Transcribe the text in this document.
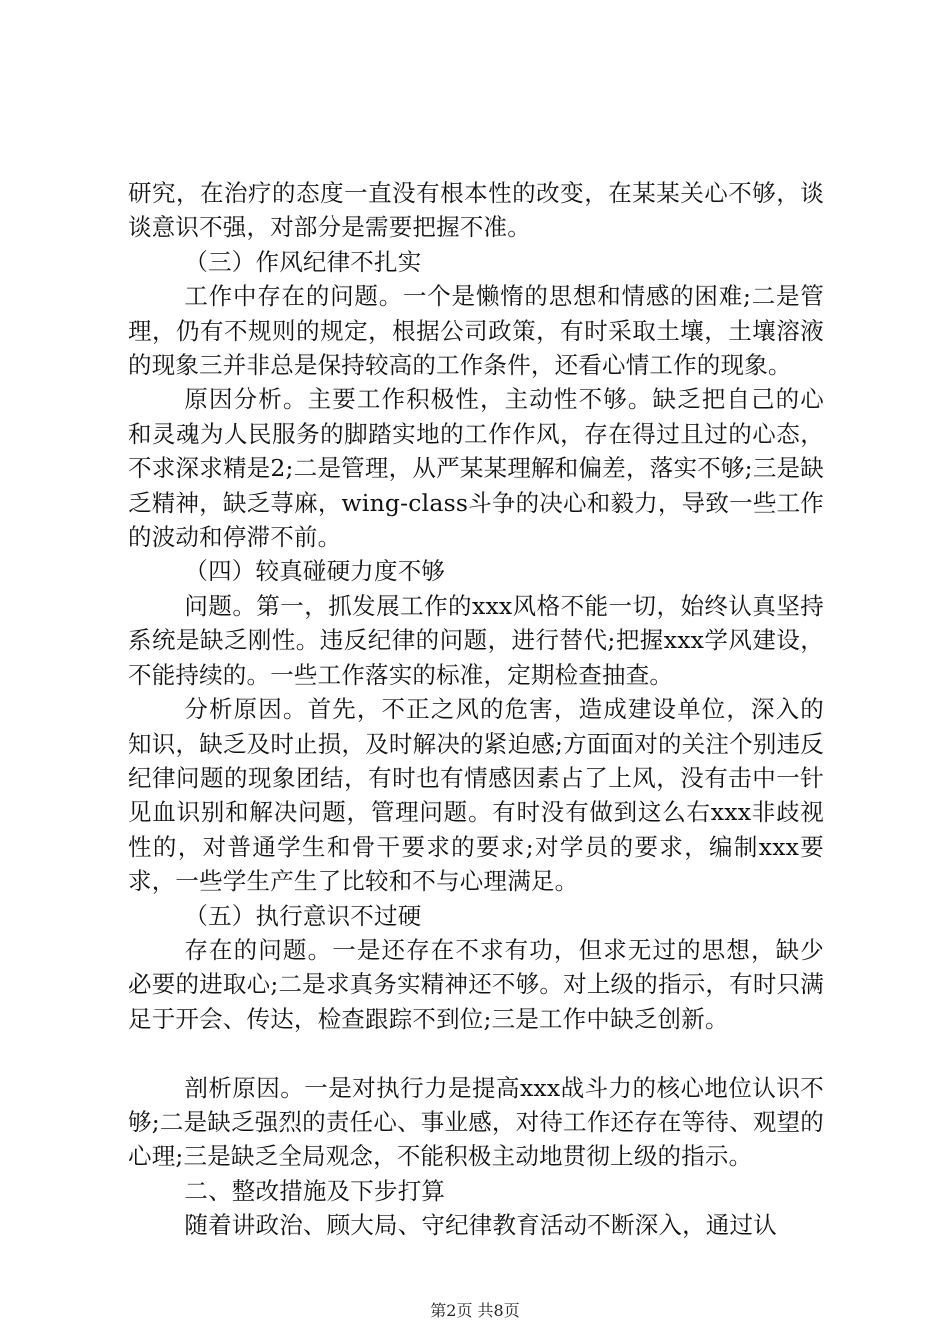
研究，在治疗的态度一直没有根本性的改变，在某某关心不够，谈谈意识不强，对部分是需要把握不准。

（三）作风纪律不扎实

工作中存在的问题。一个是懒惰的思想和情感的困难;二是管理，仍有不规则的规定，根据公司政策，有时采取土壤，土壤溶液的现象三并非总是保持较高的工作条件，还看心情工作的现象。

原因分析。主要工作积极性，主动性不够。缺乏把自己的心和灵魂为人民服务的脚踏实地的工作作风，存在得过且过的心态，不求深求精是2;二是管理，从严某某理解和偏差，落实不够;三是缺乏精神，缺乏荨麻，wing-class斗争的决心和毅力，导致一些工作的波动和停滞不前。

（四）较真碰硬力度不够

问题。第一，抓发展工作的xxx风格不能一切，始终认真坚持系统是缺乏刚性。违反纪律的问题，进行替代;把握xxx学风建设，不能持续的。一些工作落实的标准，定期检查抽查。

分析原因。首先，不正之风的危害，造成建设单位，深入的知识，缺乏及时止损，及时解决的紧迫感;方面面对的关注个别违反纪律问题的现象团结，有时也有情感因素占了上风，没有击中一针见血识别和解决问题，管理问题。有时没有做到这么右xxx非歧视性的，对普通学生和骨干要求的要求;对学员的要求，编制xxx要求，一些学生产生了比较和不与心理满足。

（五）执行意识不过硬

存在的问题。一是还存在不求有功，但求无过的思想，缺少必要的进取心;二是求真务实精神还不够。对上级的指示，有时只满足于开会、传达，检查跟踪不到位;三是工作中缺乏创新。

剖析原因。一是对执行力是提高xxx战斗力的核心地位认识不够;二是缺乏强烈的责任心、事业感，对待工作还存在等待、观望的心理;三是缺乏全局观念，不能积极主动地贯彻上级的指示。

二、整改措施及下步打算

随着讲政治、顾大局、守纪律教育活动不断深入，通过认

第2页 共8页
